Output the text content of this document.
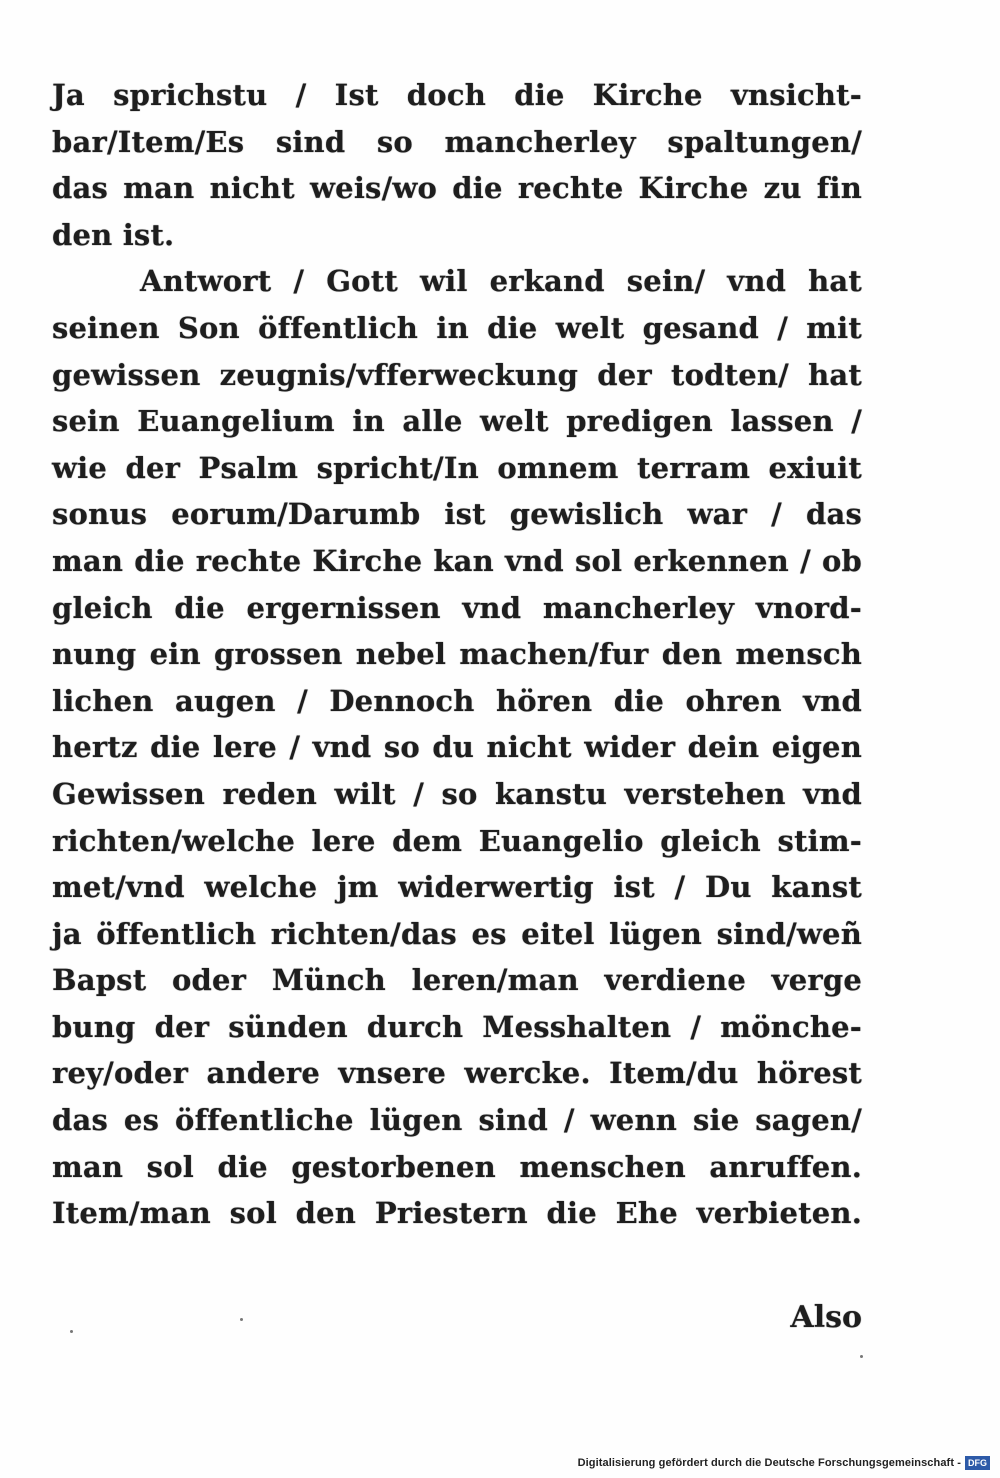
Ja sprichstu / Ist doch die Kirche vnsicht-
bar/Item/Es sind so mancherley spaltungen/
das man nicht weis/wo die rechte Kirche zu fin
den ist.
Antwort / Gott wil erkand sein/ vnd hat
seinen Son öffentlich in die welt gesand / mit
gewissen zeugnis/vfferweckung der todten/ hat
sein Euangelium in alle welt predigen lassen /
wie der Psalm spricht/In omnem terram exiuit
sonus eorum/Darumb ist gewislich war / das
man die rechte Kirche kan vnd sol erkennen / ob
gleich die ergernissen vnd mancherley vnord-
nung ein grossen nebel machen/fur den mensch
lichen augen / Dennoch hören die ohren vnd
hertz die lere / vnd so du nicht wider dein eigen
Gewissen reden wilt / so kanstu verstehen vnd
richten/welche lere dem Euangelio gleich stim-
met/vnd welche jm widerwertig ist / Du kanst
ja öffentlich richten/das es eitel lügen sind/weñ
Bapst oder Münch leren/man verdiene verge
bung der sünden durch Messhalten / mönche-
rey/oder andere vnsere wercke. Item/du hörest
das es öffentliche lügen sind / wenn sie sagen/
man sol die gestorbenen menschen anruffen.
Item/man sol den Priestern die Ehe verbieten.
Also
Digitalisierung gefördert durch die Deutsche Forschungsgemeinschaft - DFG
